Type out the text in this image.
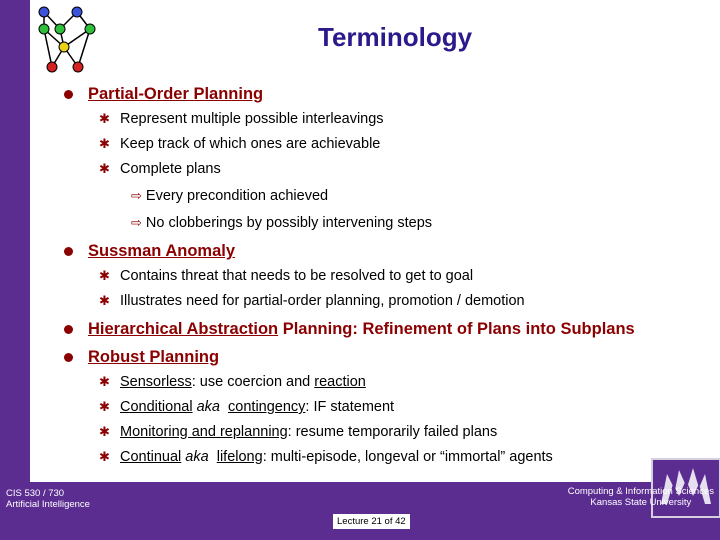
Terminology
Partial-Order Planning
✱ Represent multiple possible interleavings
✱ Keep track of which ones are achievable
✱ Complete plans
⇨ Every precondition achieved
⇨ No clobberings by possibly intervening steps
Sussman Anomaly
✱ Contains threat that needs to be resolved to get to goal
✱ Illustrates need for partial-order planning, promotion / demotion
Hierarchical Abstraction Planning: Refinement of Plans into Subplans
Robust Planning
✱ Sensorless : use coercion and reaction
✱ Conditional aka
contingency : IF statement
✱ Monitoring and replanning : resume temporarily failed plans
✱ Continual aka
lifelong : multi-episode, longeval or “immortal” agents
CIS 530 / 730
Artificial Intelligence
Lecture 21 of 42
Computing & Information Sciences
Kansas State University
